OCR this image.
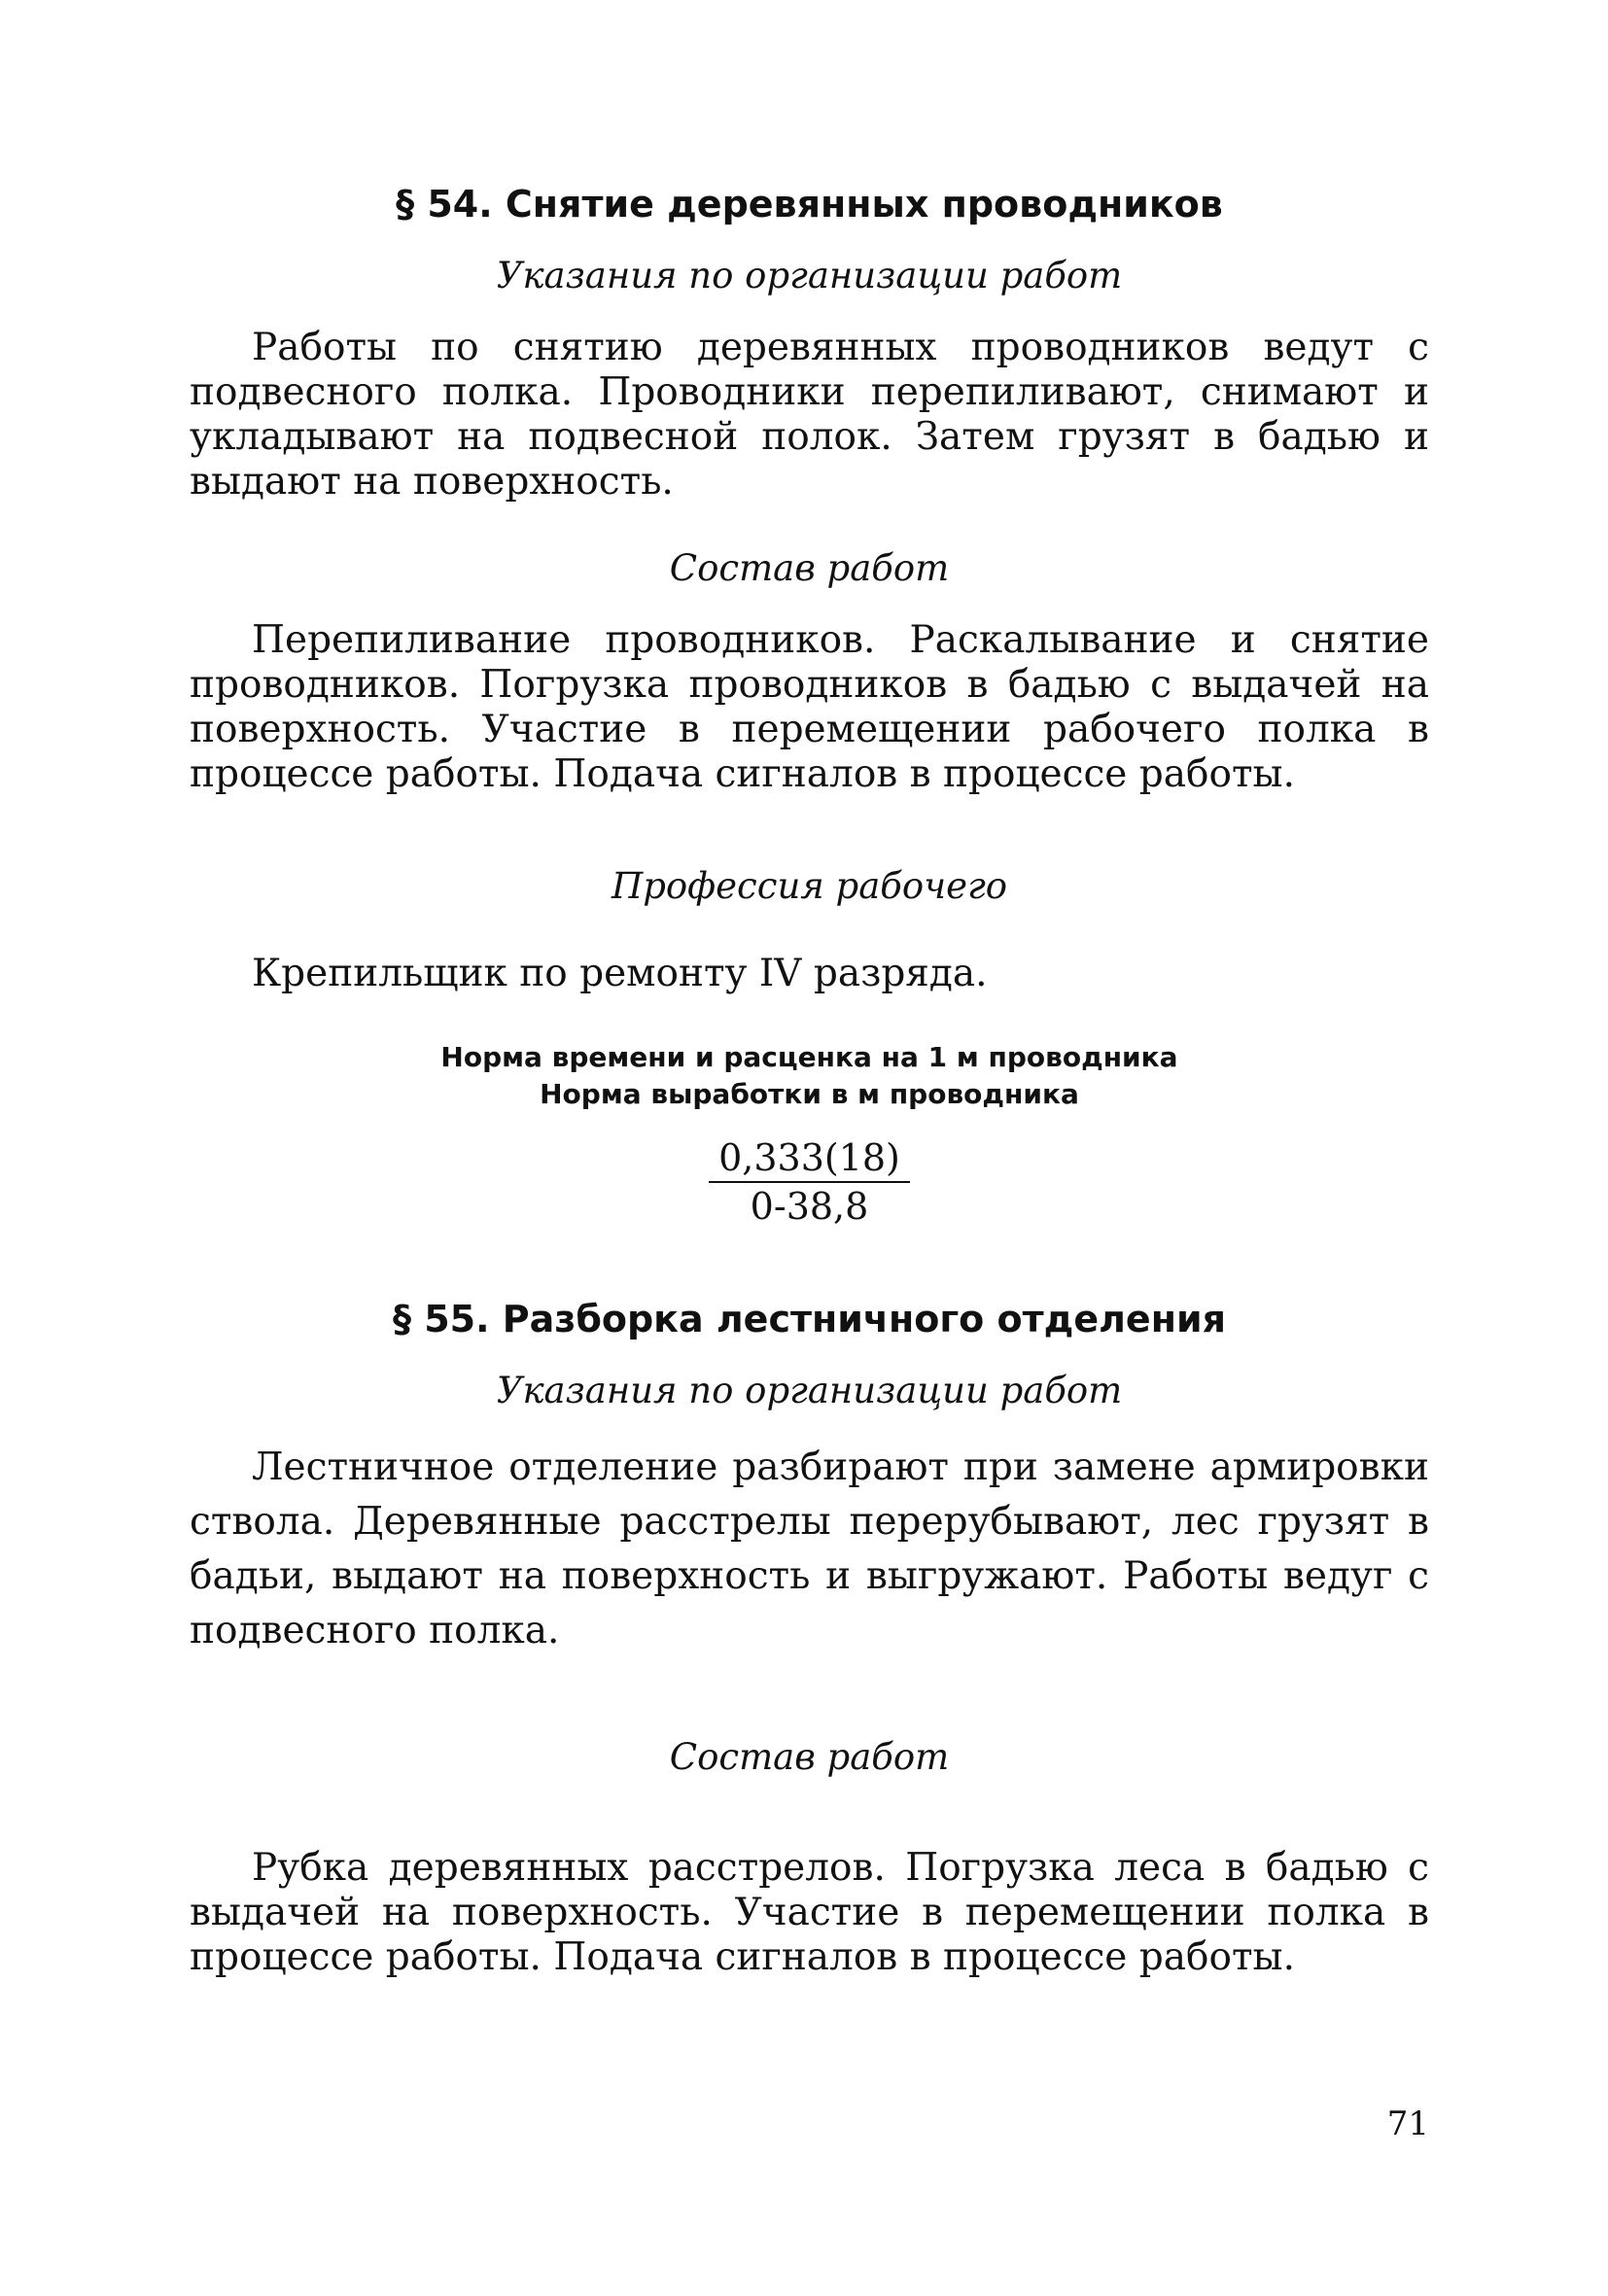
§ 54. Снятие деревянных проводников
Указания по организации работ

Работы по снятию деревянных проводников ведут с подвесного полка. Проводники перепиливают, снимают и укладывают на подвесной полок. Затем грузят в бадью и выдают на поверхность.

Состав работ

Перепиливание проводников. Раскалывание и снятие проводников. Погрузка проводников в бадью с выдачей на поверхность. Участие в перемещении рабочего полка в процессе работы. Подача сигналов в процессе работы.

Профессия рабочего

Крепильщик по ремонту IV разряда.

Норма времени и расценка на 1 м проводника
Норма выработки в м проводника
$\frac{0,333(18)}{0-38,8}$
§ 55. Разборка лестничного отделения
Указания по организации работ

Лестничное отделение разбирают при замене армировки ствола. Деревянные расстрелы перерубывают, лес грузят в бадьи, выдают на поверхность и выгружают. Работы ведуг с подвесного полка.

Состав работ

Рубка деревянных расстрелов. Погрузка леса в бадью с выдачей на поверхность. Участие в перемещении полка в процессе работы. Подача сигналов в процессе работы.

71
